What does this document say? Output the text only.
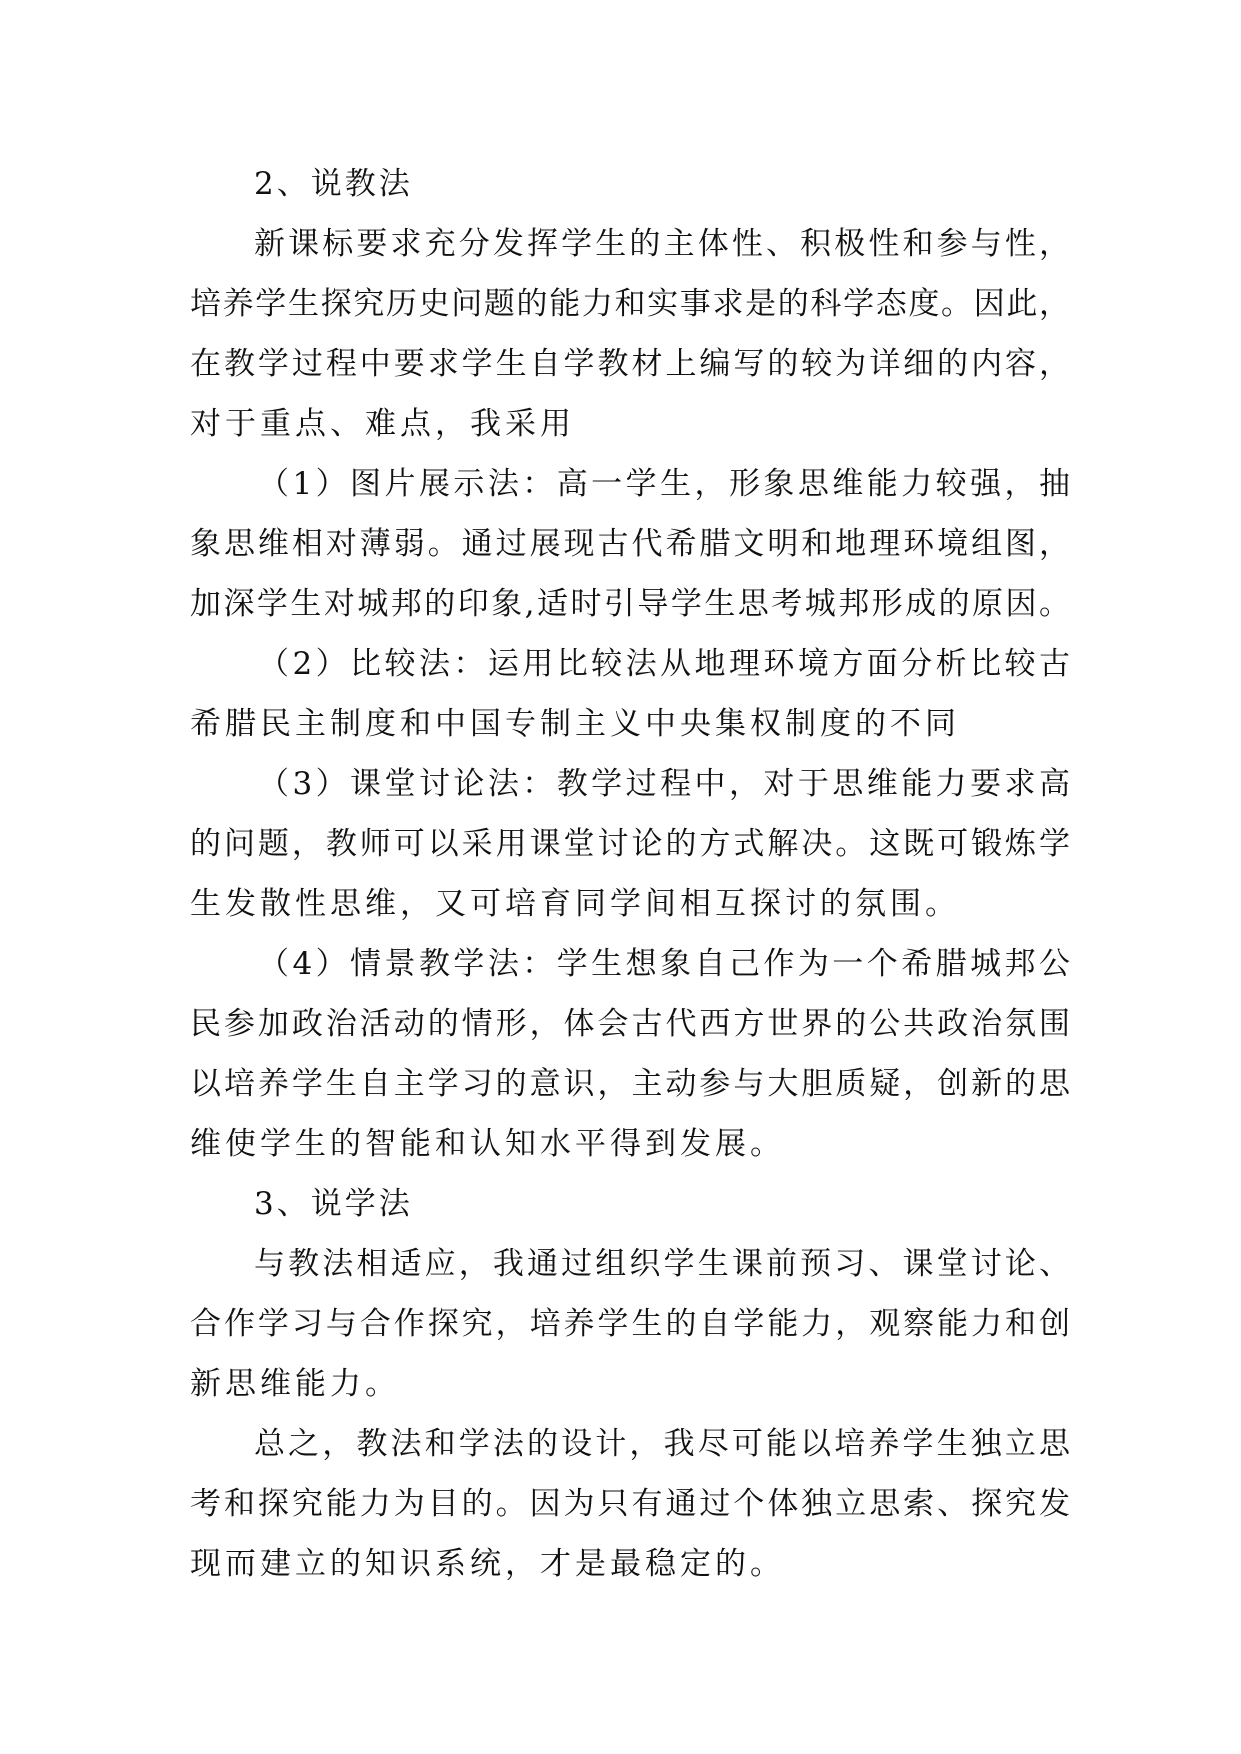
2、说教法
新课标要求充分发挥学生的主体性、积极性和参与性，
培养学生探究历史问题的能力和实事求是的科学态度。因此，
在教学过程中要求学生自学教材上编写的较为详细的内容，
对于重点、难点，我采用
（1）图片展示法：高一学生，形象思维能力较强，抽
象思维相对薄弱。通过展现古代希腊文明和地理环境组图，
加深学生对城邦的印象,适时引导学生思考城邦形成的原因。
（2）比较法：运用比较法从地理环境方面分析比较古
希腊民主制度和中国专制主义中央集权制度的不同
（3）课堂讨论法：教学过程中，对于思维能力要求高
的问题，教师可以采用课堂讨论的方式解决。这既可锻炼学
生发散性思维，又可培育同学间相互探讨的氛围。
（4）情景教学法：学生想象自己作为一个希腊城邦公
民参加政治活动的情形，体会古代西方世界的公共政治氛围
以培养学生自主学习的意识，主动参与大胆质疑，创新的思
维使学生的智能和认知水平得到发展。
3、说学法
与教法相适应，我通过组织学生课前预习、课堂讨论、
合作学习与合作探究，培养学生的自学能力，观察能力和创
新思维能力。
总之，教法和学法的设计，我尽可能以培养学生独立思
考和探究能力为目的。因为只有通过个体独立思索、探究发
现而建立的知识系统，才是最稳定的。
